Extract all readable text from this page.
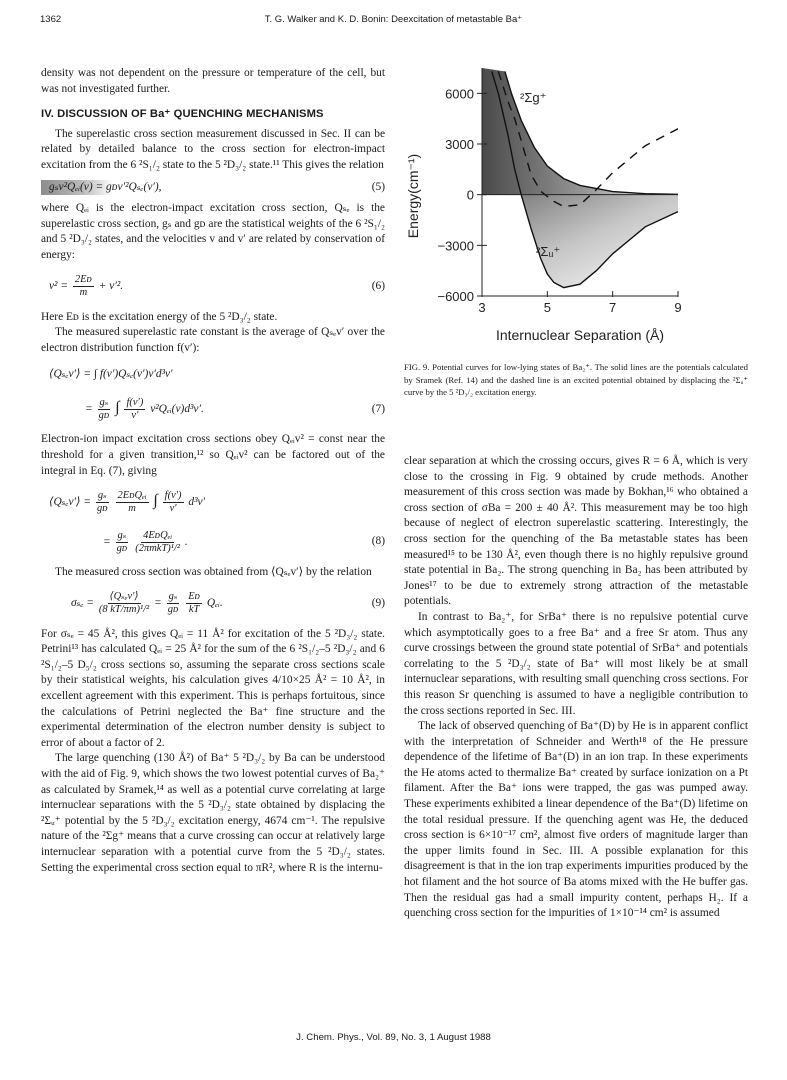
1362	T. G. Walker and K. D. Bonin: Deexcitation of metastable Ba⁺

density was not dependent on the pressure or temperature of the cell, but was not investigated further.

IV. DISCUSSION OF Ba⁺ QUENCHING MECHANISMS

The superelastic cross section measurement discussed in Sec. II can be related by detailed balance to the cross section for electron-impact excitation from the 6 ²S₁/₂ state to the 5 ²D₃/₂ state.¹¹ This gives the relation

gₛv²Qₑᵢ(v) = gᴅv′²Qₛₑ(v′),	(5)

where Qₑᵢ is the electron-impact excitation cross section, Qₛₑ is the superelastic cross section, gₛ and gᴅ are the statistical weights of the 6 ²S₁/₂ and 5 ²D₃/₂ states, and the velocities v and v′ are related by conservation of energy:

$v^2 = \frac{\text{2Eᴅ}}{m} + v'^2$.	(6)

Here Eᴅ is the excitation energy of the 5 ²D₃/₂ state.

The measured superelastic rate constant is the average of Qₛₑv′ over the electron distribution function f(v′):

⟨Qₛₑv′⟩ = ∫ f(v′)Qₛₑ(v′)v′d³v′
= $\frac{\text{gₛ}}{\text{gᴅ}}$ ∫ $\frac{f(v')}{v'}$ v²Qₑᵢ(v)d³v′.	(7)

Electron-ion impact excitation cross sections obey Qₑᵢv² = const near the threshold for a given transition,¹² so Qₑᵢv² can be factored out of the integral in Eq. (7), giving

⟨Qₛₑv′⟩ = $\frac{\text{gₛ}}{\text{gᴅ}}$
$\frac{\text{2EᴅQₑᵢ}}{m}$ ∫ $\frac{f(v')}{v'} d^3v'$
= $\frac{\text{gₛ}}{\text{gᴅ}}$
$\frac{\text{4EᴅQₑᵢ}}{\text{(2πmkT)¹/²}}$ .	(8)

The measured cross section was obtained from ⟨Qₛₑv′⟩ by the relation

$\sigma_{se} = \frac{\text{⟨Qₛₑv′⟩}}{\text{(8 kT/πm)¹/²}} = \frac{\text{gₛ}}{\text{gᴅ}}$
$\frac{\text{Eᴅ}}{kT}$ Qₑᵢ.	(9)

For σₛₑ = 45 Å², this gives Qₑᵢ = 11 Å² for excitation of the 5 ²D₃/₂ state. Petrini¹³ has calculated Qₑᵢ = 25 Å² for the sum of the 6 ²S₁/₂–5 ²D₃/₂ and 6 ²S₁/₂–5 D₅/₂ cross sections so, assuming the separate cross sections scale by their statistical weights, his calculation gives 4/10×25 Å² = 10 Å², in excellent agreement with this experiment. This is perhaps fortuitous, since the calculations of Petrini neglected the Ba⁺ fine structure and the experimental determination of the electron number density is subject to error of about a factor of 2.

The large quenching (130 Å²) of Ba⁺ 5 ²D₃/₂ by Ba can be understood with the aid of Fig. 9, which shows the two lowest potential curves of Ba₂⁺ as calculated by Sramek,¹⁴ as well as a potential curve correlating at large internuclear separations with the 5 ²D₃/₂ state obtained by displacing the ²Σᵤ⁺ potential by the 5 ²D₃/₂ excitation energy, 4674 cm⁻¹. The repulsive nature of the ²Σg⁺ means that a curve crossing can occur at relatively large internuclear separation with a potential curve from the 5 ²D₃/₂ states. Setting the experimental cross section equal to πR², where R is the internu-

6000
3000
0
−3000
−6000
3	5	7	9
Energy(cm⁻¹)
Internuclear Separation (Å)
²Σg⁺
²Σᵤ⁺
FIG. 9. Potential curves for low-lying states of Ba₂⁺. The solid lines are the potentials calculated by Sramek (Ref. 14) and the dashed line is an excited potential obtained by displacing the ²Σᵤ⁺ curve by the 5 ²D₃/₂ excitation energy.

clear separation at which the crossing occurs, gives R = 6 Å, which is very close to the crossing in Fig. 9 obtained by crude methods. Another measurement of this cross section was made by Bokhan,¹⁶ who obtained a cross section of σBa = 200 ± 40 Å². This measurement may be too high because of neglect of electron superelastic scattering. Interestingly, the cross section for the quenching of the Ba metastable states has been measured¹⁵ to be 130 Å², even though there is no highly repulsive ground state potential in Ba₂. The strong quenching in Ba₂ has been attributed by Jones¹⁷ to be due to extremely strong attraction of the metastable potentials.

In contrast to Ba₂⁺, for SrBa⁺ there is no repulsive potential curve which asymptotically goes to a free Ba⁺ and a free Sr atom. Thus any curve crossings between the ground state potential of SrBa⁺ and potentials correlating to the 5 ²D₃/₂ state of Ba⁺ will most likely be at small internuclear separations, with resulting small quenching cross sections. For this reason Sr quenching is assumed to have a negligible contribution to the cross sections reported in Sec. III.

The lack of observed quenching of Ba⁺(D) by He is in apparent conflict with the interpretation of Schneider and Werth¹⁸ of the He pressure dependence of the lifetime of Ba⁺(D) in an ion trap. In these experiments the He atoms acted to thermalize Ba⁺ created by surface ionization on a Pt filament. After the Ba⁺ ions were trapped, the gas was pumped away. These experiments exhibited a linear dependence of the Ba⁺(D) lifetime on the total residual pressure. If the quenching agent was He, the deduced cross section is 6×10⁻¹⁷ cm², almost five orders of magnitude larger than the upper limits found in Sec. III. A possible explanation for this disagreement is that in the ion trap experiments impurities produced by the hot filament and the hot source of Ba atoms mixed with the He buffer gas. Then the residual gas had a small impurity content, perhaps H₂. If a quenching cross section for the impurities of 1×10⁻¹⁴ cm² is assumed

J. Chem. Phys., Vol. 89, No. 3, 1 August 1988
